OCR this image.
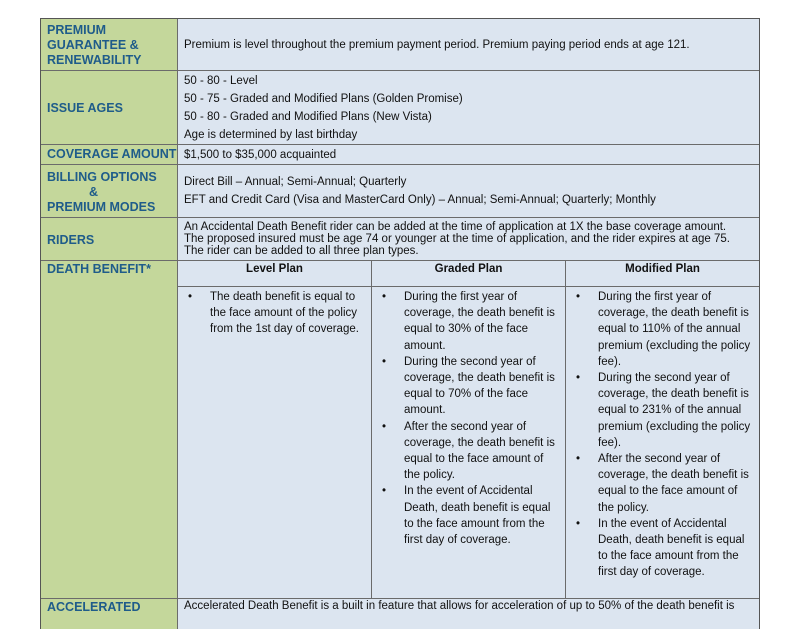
PREMIUM
GUARANTEE &
RENEWABILITY
Premium is level throughout the premium payment period. Premium paying period ends at age 121.
ISSUE AGES
50 - 80 - Level
50 - 75 - Graded and Modified Plans (Golden Promise)
50 - 80 - Graded and Modified Plans (New Vista)
Age is determined by last birthday
COVERAGE AMOUNT $1,500 to $35,000 acquainted
BILLING OPTIONS
&
PREMIUM MODES
Direct Bill – Annual; Semi-Annual; Quarterly
EFT and Credit Card (Visa and MasterCard Only) – Annual; Semi-Annual; Quarterly; Monthly
RIDERS
An Accidental Death Benefit rider can be added at the time of application at 1X the base coverage amount.
The proposed insured must be age 74 or younger at the time of application, and the rider expires at age 75.
The rider can be added to all three plan types.
DEATH BENEFIT*	Level Plan
• The death benefit is equal to the face amount of the policy from the 1st day of coverage.
Graded Plan
• During the first year of coverage, the death benefit is equal to 30% of the face amount.
• During the second year of coverage, the death benefit is equal to 70% of the face amount.
• After the second year of coverage, the death benefit is equal to the face amount of the policy.
• In the event of Accidental Death, death benefit is equal to the face amount from the first day of coverage.
Modified Plan
• During the first year of coverage, the death benefit is equal to 110% of the annual premium (excluding the policy fee).
• During the second year of coverage, the death benefit is equal to 231% of the annual premium (excluding the policy fee).
• After the second year of coverage, the death benefit is equal to the face amount of the policy.
• In the event of Accidental Death, death benefit is equal to the face amount from the first day of coverage.
ACCELERATED	Accelerated Death Benefit is a built in feature that allows for acceleration of up to 50% of the death benefit is
